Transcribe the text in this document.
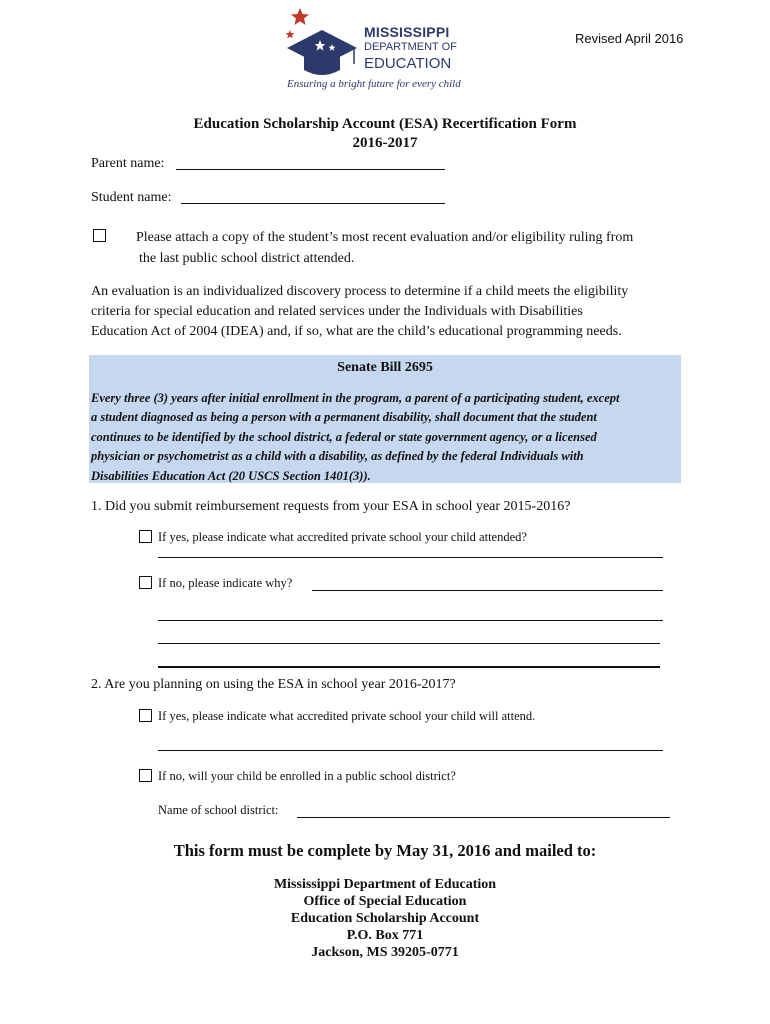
MISSISSIPPI
DEPARTMENT OF
EDUCATION
Ensuring a bright future for every child
Revised April 2016
Education Scholarship Account (ESA) Recertification Form
2016-2017
Parent name:
Student name:
Please attach a copy of the student’s most recent evaluation and/or eligibility ruling from
the last public school district attended.
An evaluation is an individualized discovery process to determine if a child meets the eligibility
criteria for special education and related services under the Individuals with Disabilities
Education Act of 2004 (IDEA) and, if so, what are the child’s educational programming needs.
Senate Bill 2695
Every three (3) years after initial enrollment in the program, a parent of a participating student, except
a student diagnosed as being a person with a permanent disability, shall document that the student
continues to be identified by the school district, a federal or state government agency, or a licensed
physician or psychometrist as a child with a disability, as defined by the federal Individuals with
Disabilities Education Act (20 USCS Section 1401(3)).
1. Did you submit reimbursement requests from your ESA in school year 2015-2016?
If yes, please indicate what accredited private school your child attended?
If no, please indicate why?
2. Are you planning on using the ESA in school year 2016-2017?
If yes, please indicate what accredited private school your child will attend.
If no, will your child be enrolled in a public school district?
Name of school district:
This form must be complete by May 31, 2016 and mailed to:
Mississippi Department of Education
Office of Special Education
Education Scholarship Account
P.O. Box 771
Jackson, MS 39205-0771
